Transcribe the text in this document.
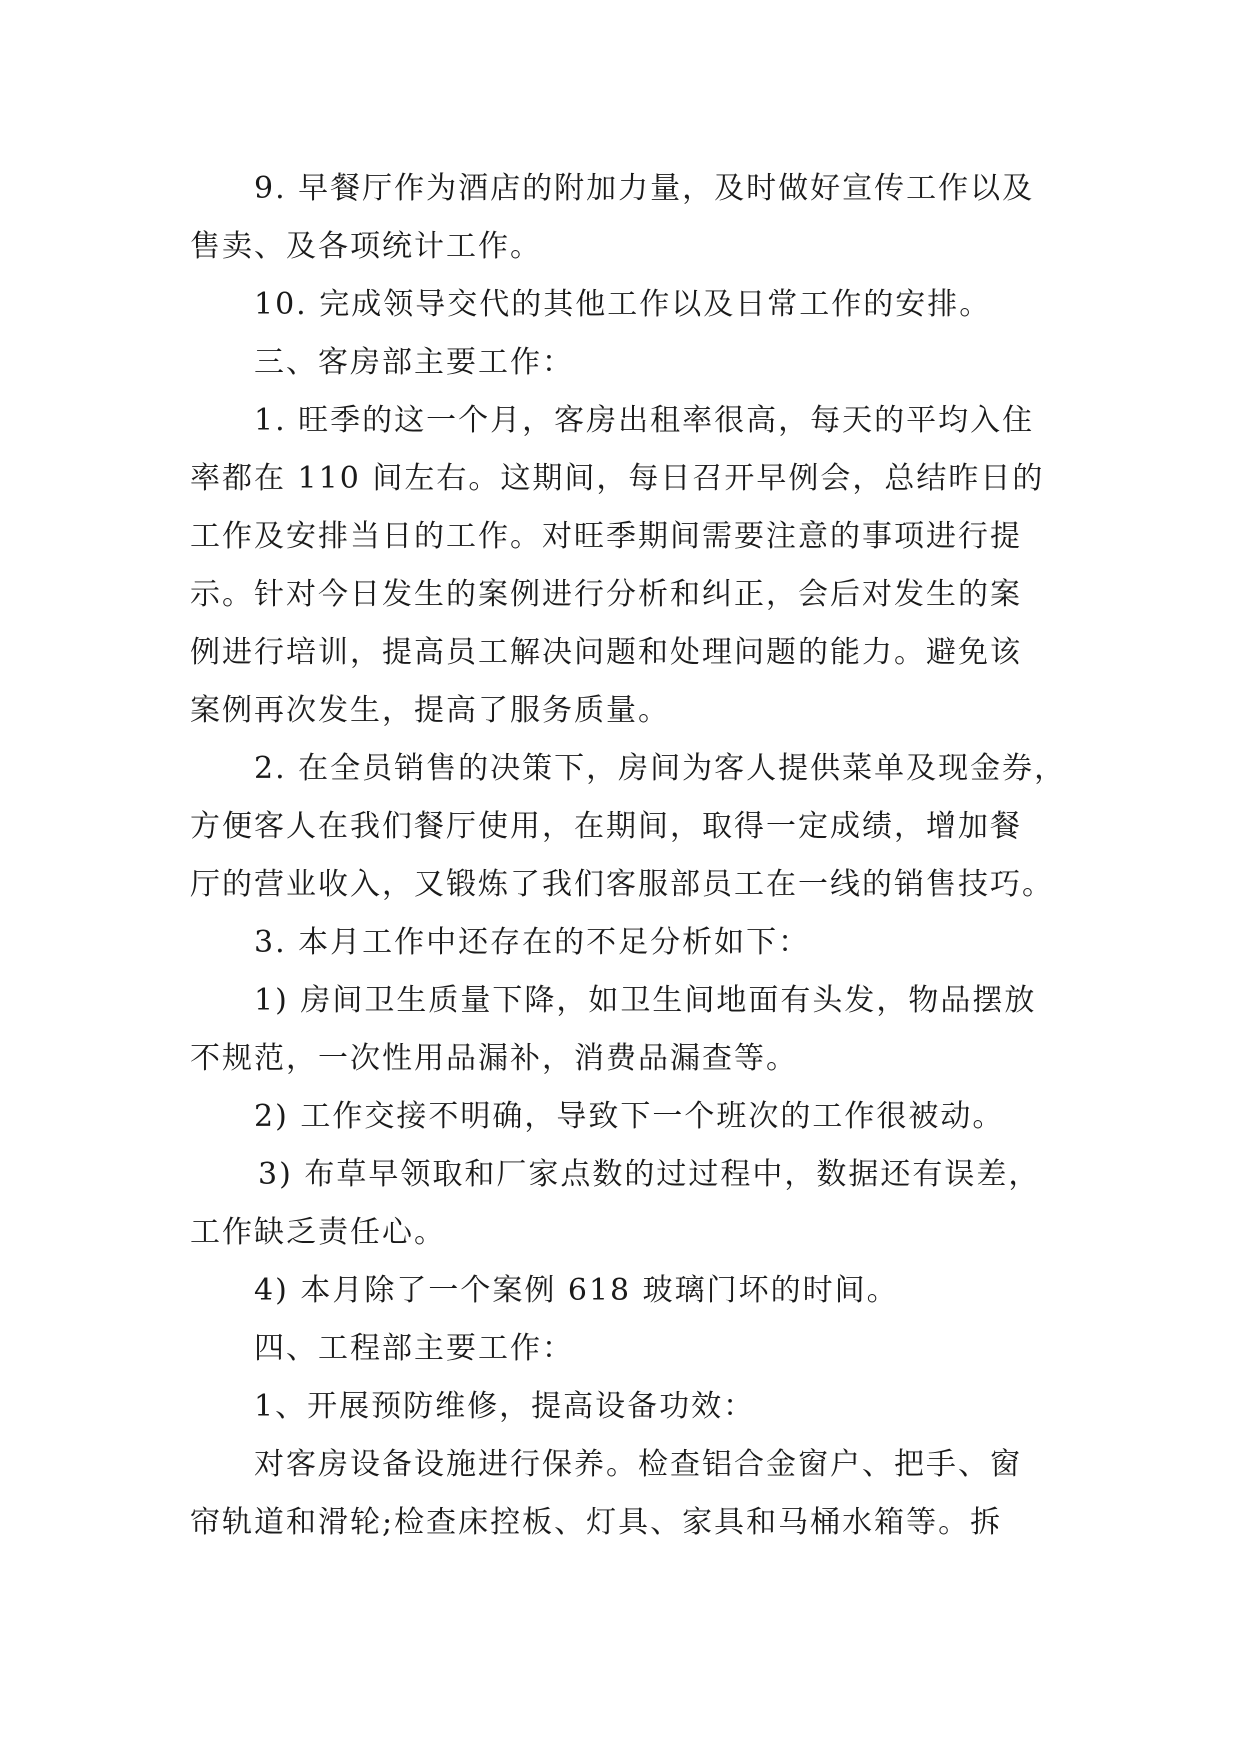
9. 早餐厅作为酒店的附加力量，及时做好宣传工作以及
售卖、及各项统计工作。
10. 完成领导交代的其他工作以及日常工作的安排。
三、客房部主要工作：
1. 旺季的这一个月，客房出租率很高，每天的平均入住
率都在 110 间左右。这期间，每日召开早例会，总结昨日的
工作及安排当日的工作。对旺季期间需要注意的事项进行提
示。针对今日发生的案例进行分析和纠正，会后对发生的案
例进行培训，提高员工解决问题和处理问题的能力。避免该
案例再次发生，提高了服务质量。
2. 在全员销售的决策下，房间为客人提供菜单及现金券，
方便客人在我们餐厅使用，在期间，取得一定成绩，增加餐
厅的营业收入，又锻炼了我们客服部员工在一线的销售技巧。
3. 本月工作中还存在的不足分析如下：
1) 房间卫生质量下降，如卫生间地面有头发，物品摆放
不规范，一次性用品漏补，消费品漏查等。
2) 工作交接不明确，导致下一个班次的工作很被动。
3) 布草早领取和厂家点数的过过程中，数据还有误差，
工作缺乏责任心。
4) 本月除了一个案例 618 玻璃门坏的时间。
四、工程部主要工作：
1、开展预防维修，提高设备功效：
对客房设备设施进行保养。检查铝合金窗户、把手、窗
帘轨道和滑轮;检查床控板、灯具、家具和马桶水箱等。拆
